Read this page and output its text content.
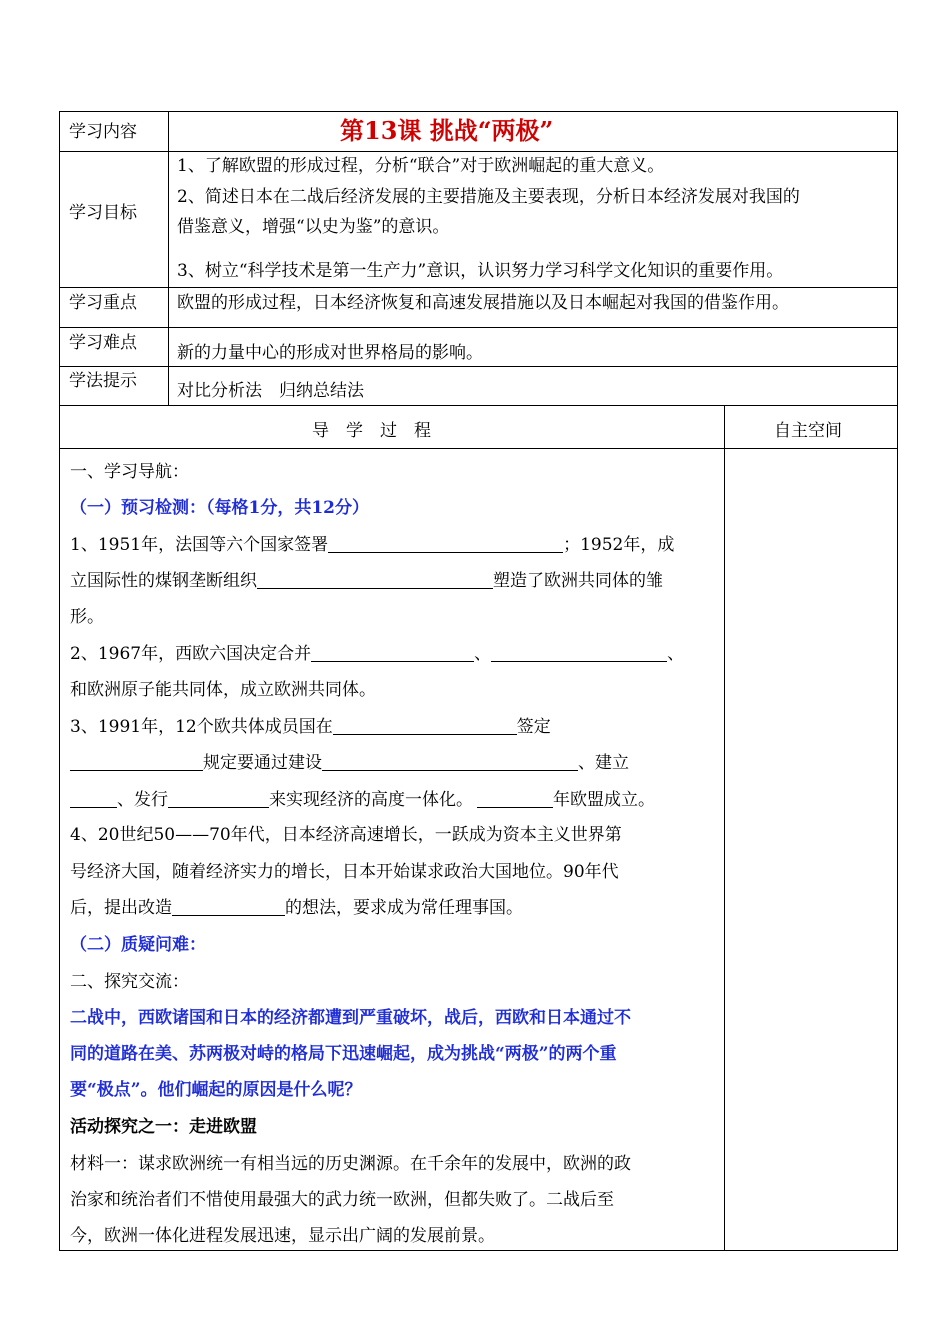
学习内容	第13课 挑战“两极”
学习目标
1、了解欧盟的形成过程，分析“联合”对于欧洲崛起的重大意义。
2、简述日本在二战后经济发展的主要措施及主要表现，分析日本经济发展对我国的
借鉴意义，增强“以史为鉴”的意识。
3、树立“科学技术是第一生产力”意识，认识努力学习科学文化知识的重要作用。
学习重点 欧盟的形成过程，日本经济恢复和高速发展措施以及日本崛起对我国的借鉴作用。
学习难点 新的力量中心的形成对世界格局的影响。
学法提示 对比分析法　归纳总结法
导　学　过　程	自主空间
一、学习导航：
（一）预习检测：（每格1分，共12分）
1、1951年，法国等六个国家签署	；1952年，成
立国际性的煤钢垄断组织	塑造了欧洲共同体的雏
形。
2、1967年，西欧六国决定合并	、	、
和欧洲原子能共同体，成立欧洲共同体。
3、1991年，12个欧共体成员国在	签定
规定要通过建设	、建立
、发行	来实现经济的高度一体化。	年欧盟成立。
4、20世纪50——70年代，日本经济高速增长，一跃成为资本主义世界第
号经济大国，随着经济实力的增长，日本开始谋求政治大国地位。90年代
后，提出改造	的想法，要求成为常任理事国。
（二）质疑问难：
二、探究交流：
二战中，西欧诸国和日本的经济都遭到严重破坏，战后，西欧和日本通过不
同的道路在美、苏两极对峙的格局下迅速崛起，成为挑战“两极”的两个重
要“极点”。他们崛起的原因是什么呢？
活动探究之一：走进欧盟
材料一：谋求欧洲统一有相当远的历史渊源。在千余年的发展中，欧洲的政
治家和统治者们不惜使用最强大的武力统一欧洲，但都失败了。二战后至
今，欧洲一体化进程发展迅速，显示出广阔的发展前景。
